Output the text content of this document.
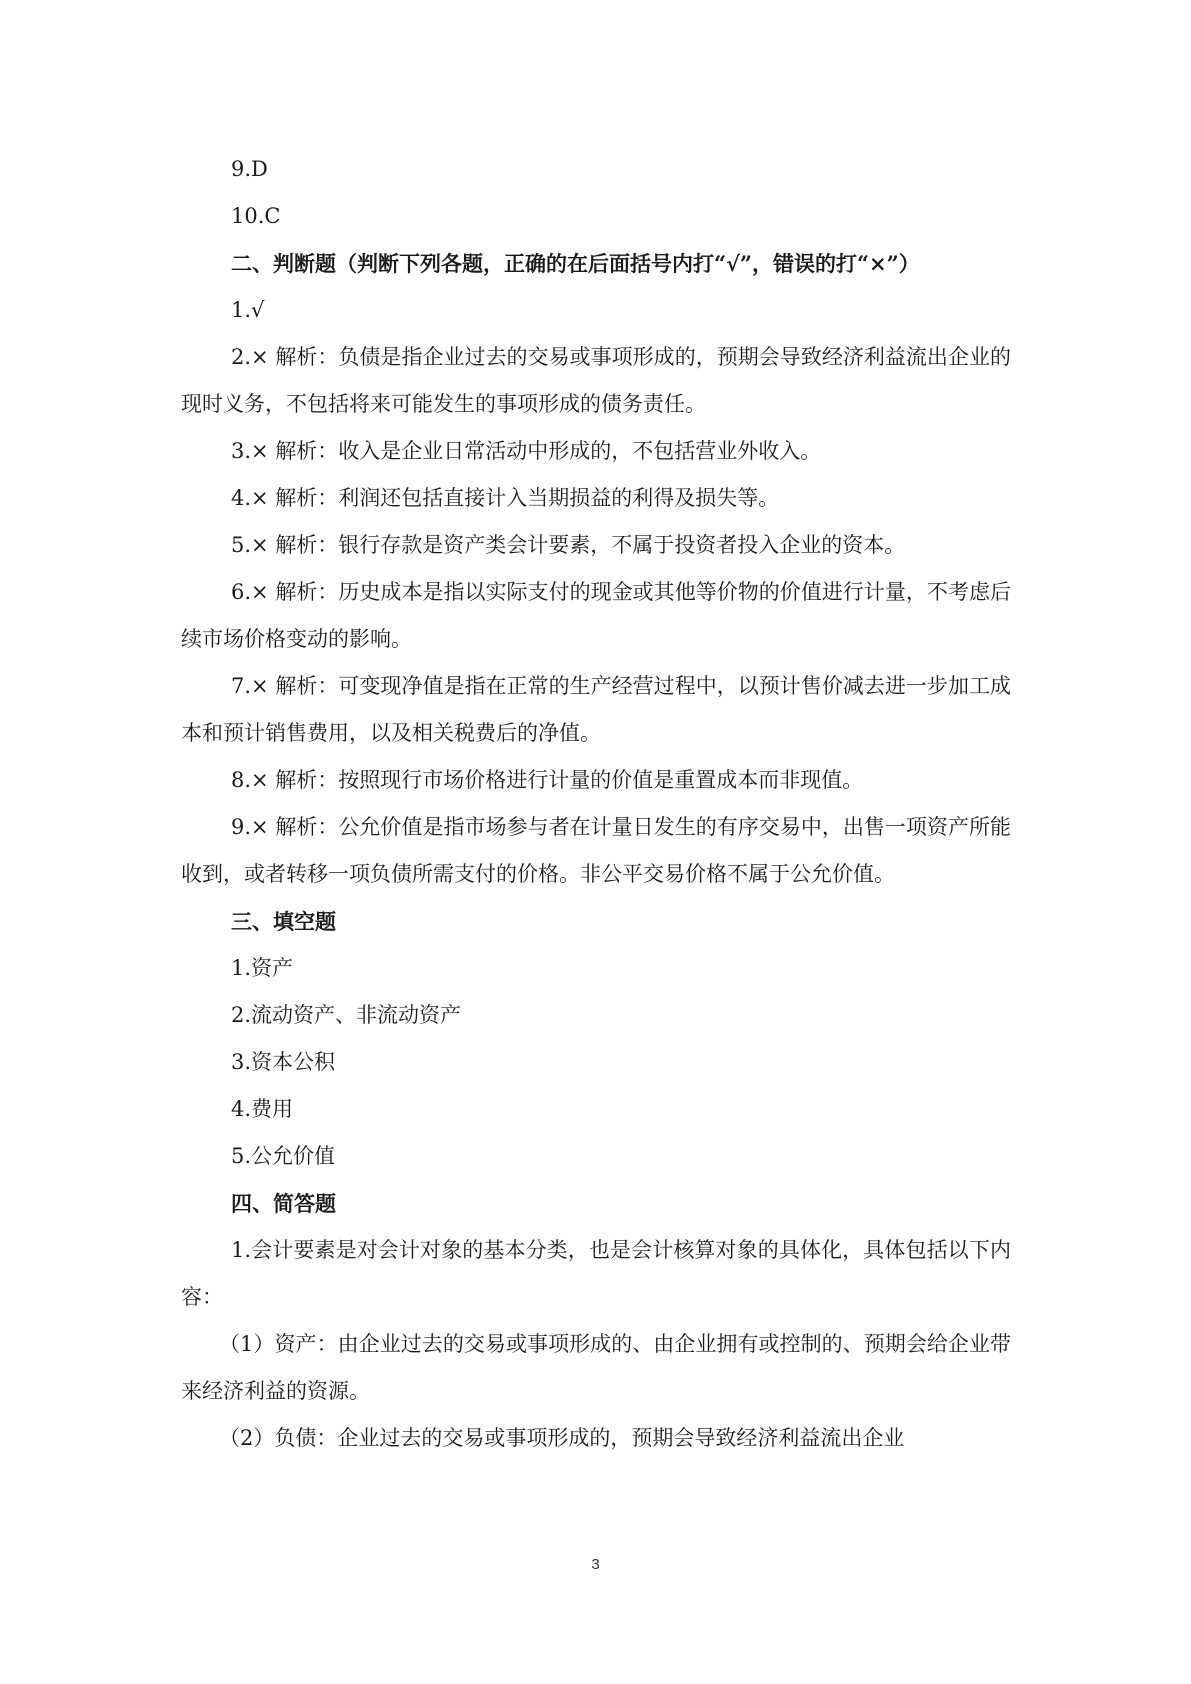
9.D

10.C

二、判断题（判断下列各题，正确的在后面括号内打“√”，错误的打“×”）

1.√

2.× 解析：负债是指企业过去的交易或事项形成的，预期会导致经济利益流出企业的现时义务，不包括将来可能发生的事项形成的债务责任。

3.× 解析：收入是企业日常活动中形成的，不包括营业外收入。

4.× 解析：利润还包括直接计入当期损益的利得及损失等。

5.× 解析：银行存款是资产类会计要素，不属于投资者投入企业的资本。

6.× 解析：历史成本是指以实际支付的现金或其他等价物的价值进行计量，不考虑后续市场价格变动的影响。

7.× 解析：可变现净值是指在正常的生产经营过程中，以预计售价减去进一步加工成本和预计销售费用，以及相关税费后的净值。

8.× 解析：按照现行市场价格进行计量的价值是重置成本而非现值。

9.× 解析：公允价值是指市场参与者在计量日发生的有序交易中，出售一项资产所能收到，或者转移一项负债所需支付的价格。非公平交易价格不属于公允价值。

三、填空题

1.资产

2.流动资产、非流动资产

3.资本公积

4.费用

5.公允价值

四、简答题

1.会计要素是对会计对象的基本分类，也是会计核算对象的具体化，具体包括以下内容：

（1）资产：由企业过去的交易或事项形成的、由企业拥有或控制的、预期会给企业带来经济利益的资源。

（2）负债：企业过去的交易或事项形成的，预期会导致经济利益流出企业

3
